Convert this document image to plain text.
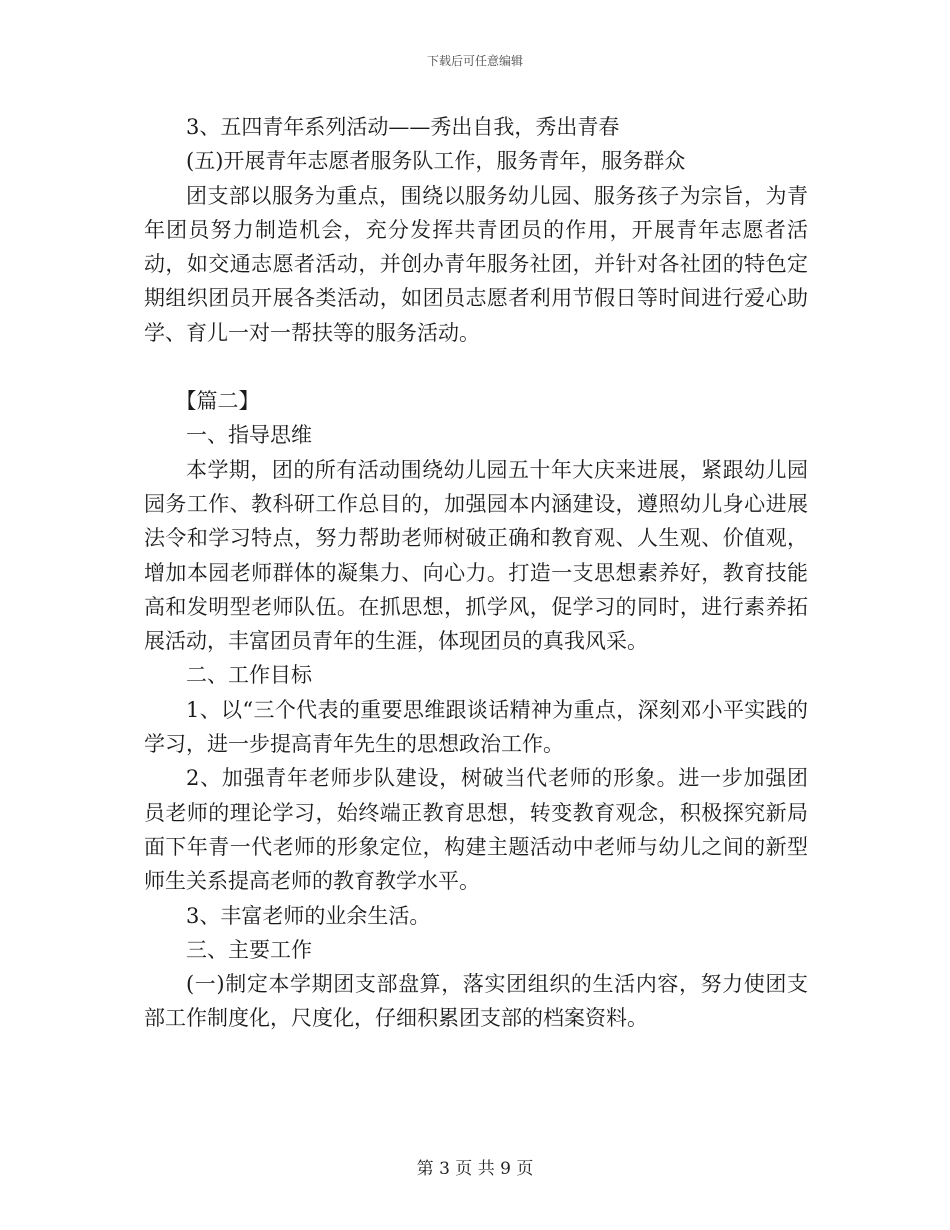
下载后可任意编辑

3、五四青年系列活动——秀出自我，秀出青春

(五)开展青年志愿者服务队工作，服务青年，服务群众

团支部以服务为重点，围绕以服务幼儿园、服务孩子为宗旨，为青年团员努力制造机会，充分发挥共青团员的作用，开展青年志愿者活动，如交通志愿者活动，并创办青年服务社团，并针对各社团的特色定期组织团员开展各类活动，如团员志愿者利用节假日等时间进行爱心助学、育儿一对一帮扶等的服务活动。

【篇二】

一、指导思维

本学期，团的所有活动围绕幼儿园五十年大庆来进展，紧跟幼儿园园务工作、教科研工作总目的，加强园本内涵建设，遵照幼儿身心进展法令和学习特点，努力帮助老师树破正确和教育观、人生观、价值观，增加本园老师群体的凝集力、向心力。打造一支思想素养好，教育技能高和发明型老师队伍。在抓思想，抓学风，促学习的同时，进行素养拓展活动，丰富团员青年的生涯，体现团员的真我风采。

二、工作目标

1、以“三个代表的重要思维跟谈话精神为重点，深刻邓小平实践的学习，进一步提高青年先生的思想政治工作。

2、加强青年老师步队建设，树破当代老师的形象。进一步加强团员老师的理论学习，始终端正教育思想，转变教育观念，积极探究新局面下年青一代老师的形象定位，构建主题活动中老师与幼儿之间的新型师生关系提高老师的教育教学水平。

3、丰富老师的业余生活。

三、主要工作

(一)制定本学期团支部盘算，落实团组织的生活内容，努力使团支部工作制度化，尺度化，仔细积累团支部的档案资料。

第 3 页 共 9 页
